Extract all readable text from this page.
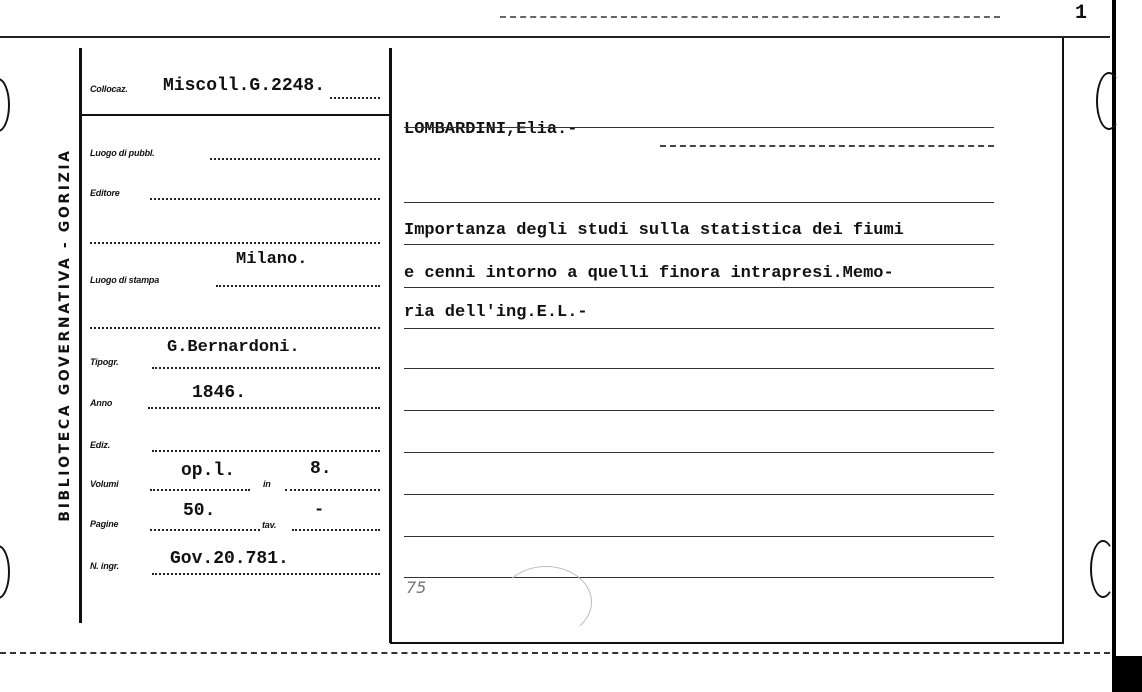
1
BIBLIOTECA GOVERNATIVA - GORIZIA
Collocaz. Miscoll.G.2248.
Luogo di pubbl.
Editore
Luogo di stampa
Milano.
Tipogr.
G.Bernardoni.
Anno	1846.
Ediz.
Volumi
op.l.
in
8.
Pagine
50.
tav.
-
N. ingr.	Gov.20.781.
LOMBARDINI,Elia.-
Importanza degli studi sulla statistica dei fiumi
e cenni intorno a quelli finora intrapresi.Memo-
ria dell'ing.E.L.-
75
